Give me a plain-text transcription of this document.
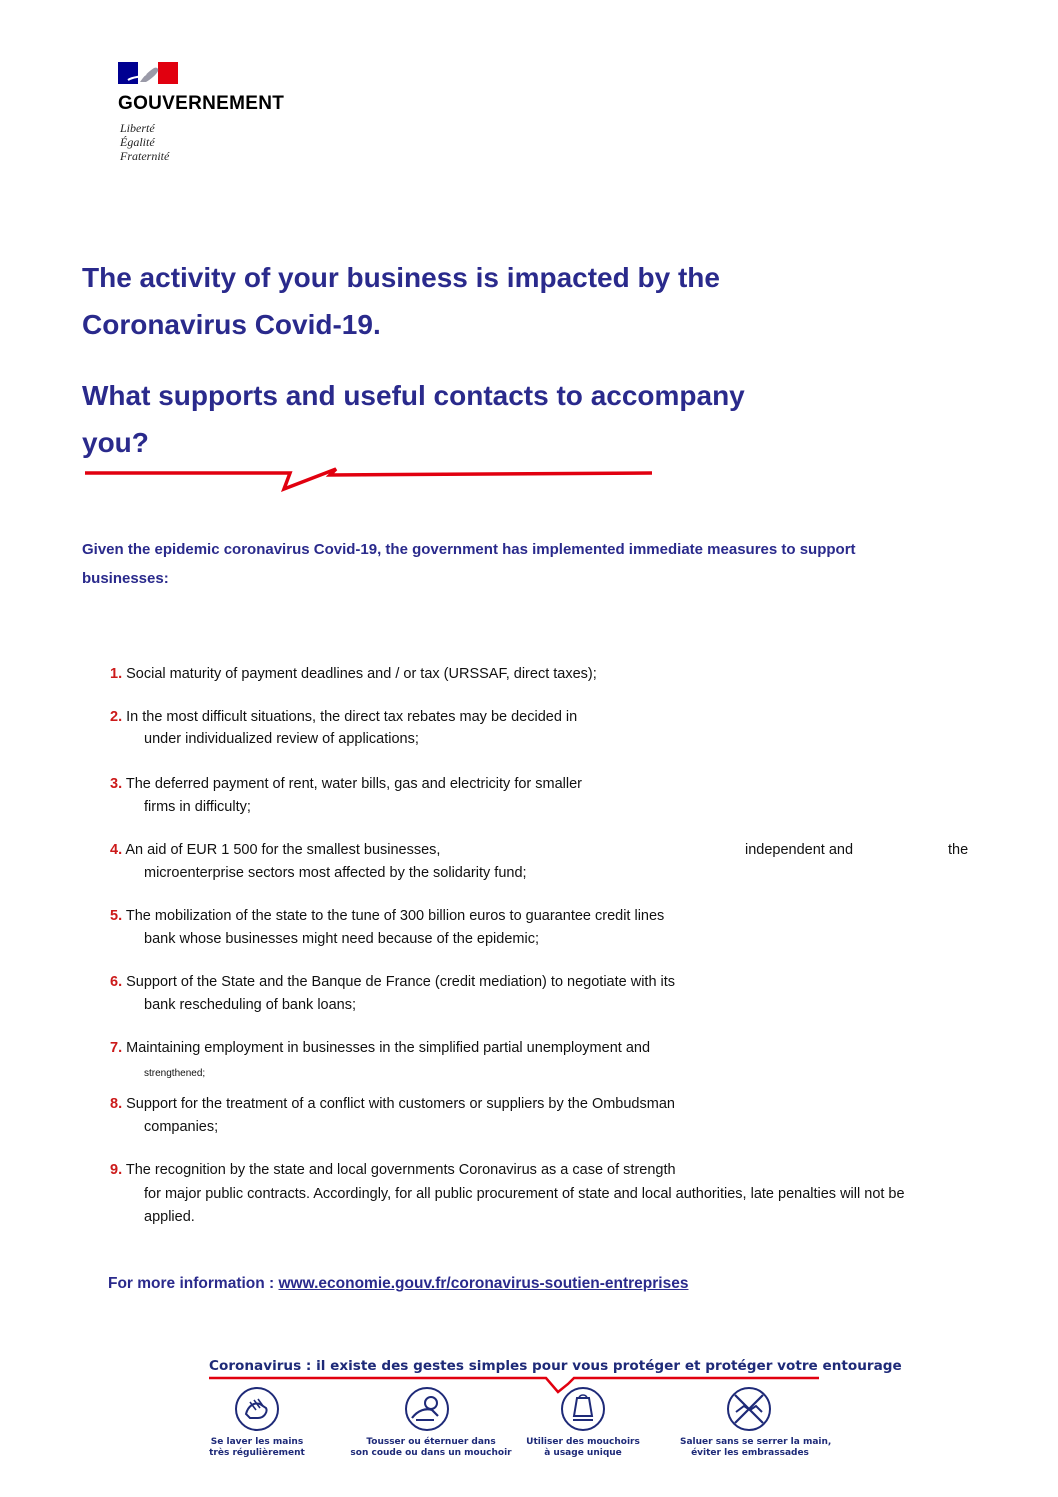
GOUVERNEMENT
Liberté
Égalité
Fraternité
The activity of your business is impacted by the
Coronavirus Covid-19.
What supports and useful contacts to accompany
you?
Given the epidemic coronavirus Covid-19, the government has implemented immediate measures to support
businesses:
1. Social maturity of payment deadlines and / or tax (URSSAF, direct taxes);
2. In the most difficult situations, the direct tax rebates may be decided in
under individualized review of applications;
3. The deferred payment of rent, water bills, gas and electricity for smaller
firms in difficulty;
4. An aid of EUR 1 500 for the smallest businesses,	independent and	the
microenterprise sectors most affected by the solidarity fund;
5. The mobilization of the state to the tune of 300 billion euros to guarantee credit lines
bank whose businesses might need because of the epidemic;
6. Support of the State and the Banque de France (credit mediation) to negotiate with its
bank rescheduling of bank loans;
7. Maintaining employment in businesses in the simplified partial unemployment and
strengthened;
8. Support for the treatment of a conflict with customers or suppliers by the Ombudsman
companies;
9. The recognition by the state and local governments Coronavirus as a case of strength
for major public contracts. Accordingly, for all public procurement of state and local authorities, late penalties will not be
applied.
For more information : www.economie.gouv.fr/coronavirus-soutien-entreprises
Coronavirus : il existe des gestes simples pour vous protéger et protéger votre entourage
Se laver les mains
très régulièrement
Tousser ou éternuer dans
son coude ou dans un mouchoir
Utiliser des mouchoirs
à usage unique
Saluer sans se serrer la main,
éviter les embrassades
